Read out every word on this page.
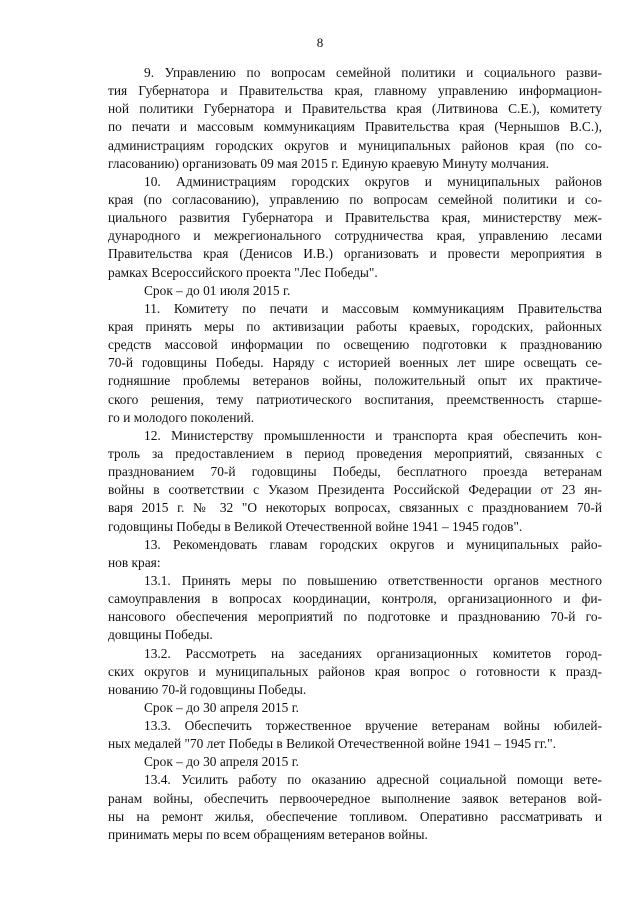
8
9. Управлению по вопросам семейной политики и социального разви-
тия Губернатора и Правительства края, главному управлению информацион-
ной политики Губернатора и Правительства края (Литвинова С.Е.), комитету
по печати и массовым коммуникациям Правительства края (Чернышов В.С.),
администрациям городских округов и муниципальных районов края (по со-
гласованию) организовать 09 мая 2015 г. Единую краевую Минуту молчания.
10. Администрациям городских округов и муниципальных районов
края (по согласованию), управлению по вопросам семейной политики и со-
циального развития Губернатора и Правительства края, министерству меж-
дународного и межрегионального сотрудничества края, управлению лесами
Правительства края (Денисов И.В.) организовать и провести мероприятия в
рамках Всероссийского проекта "Лес Победы".
Срок – до 01 июля 2015 г.
11. Комитету по печати и массовым коммуникациям Правительства
края принять меры по активизации работы краевых, городских, районных
средств массовой информации по освещению подготовки к празднованию
70-й годовщины Победы. Наряду с историей военных лет шире освещать се-
годняшние проблемы ветеранов войны, положительный опыт их практиче-
ского решения, тему патриотического воспитания, преемственность старше-
го и молодого поколений.
12. Министерству промышленности и транспорта края обеспечить кон-
троль за предоставлением в период проведения мероприятий, связанных с
празднованием 70-й годовщины Победы, бесплатного проезда ветеранам
войны в соответствии с Указом Президента Российской Федерации от 23 ян-
варя 2015 г. № 32 "О некоторых вопросах, связанных с празднованием 70-й
годовщины Победы в Великой Отечественной войне 1941 – 1945 годов".
13. Рекомендовать главам городских округов и муниципальных райо-
нов края:
13.1. Принять меры по повышению ответственности органов местного
самоуправления в вопросах координации, контроля, организационного и фи-
нансового обеспечения мероприятий по подготовке и празднованию 70-й го-
довщины Победы.
13.2. Рассмотреть на заседаниях организационных комитетов город-
ских округов и муниципальных районов края вопрос о готовности к празд-
нованию 70-й годовщины Победы.
Срок – до 30 апреля 2015 г.
13.3. Обеспечить торжественное вручение ветеранам войны юбилей-
ных медалей "70 лет Победы в Великой Отечественной войне 1941 – 1945 гг.".
Срок – до 30 апреля 2015 г.
13.4. Усилить работу по оказанию адресной социальной помощи вете-
ранам войны, обеспечить первоочередное выполнение заявок ветеранов вой-
ны на ремонт жилья, обеспечение топливом. Оперативно рассматривать и
принимать меры по всем обращениям ветеранов войны.
